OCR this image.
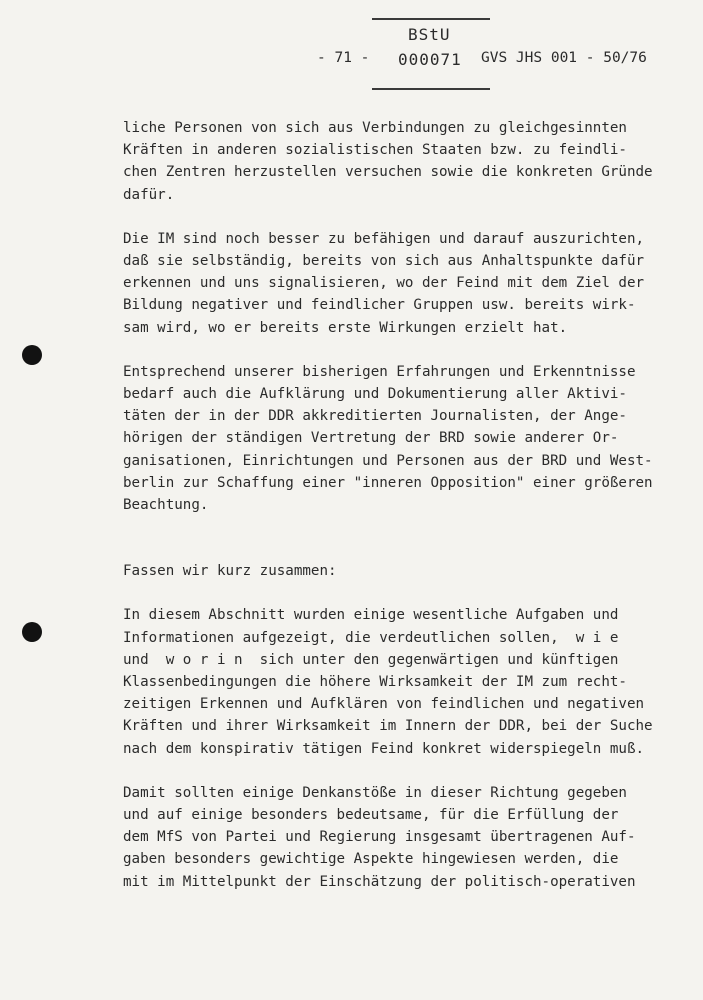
BStU
- 71 - 000071 GVS JHS 001 - 50/76
liche Personen von sich aus Verbindungen zu gleichgesinnten
Kräften in anderen sozialistischen Staaten bzw. zu feindli-
chen Zentren herzustellen versuchen sowie die konkreten Gründe
dafür.
Die IM sind noch besser zu befähigen und darauf auszurichten,
daß sie selbständig, bereits von sich aus Anhaltspunkte dafür
erkennen und uns signalisieren, wo der Feind mit dem Ziel der
Bildung negativer und feindlicher Gruppen usw. bereits wirk-
sam wird, wo er bereits erste Wirkungen erzielt hat.
Entsprechend unserer bisherigen Erfahrungen und Erkenntnisse
bedarf auch die Aufklärung und Dokumentierung aller Aktivi-
täten der in der DDR akkreditierten Journalisten, der Ange-
hörigen der ständigen Vertretung der BRD sowie anderer Or-
ganisationen, Einrichtungen und Personen aus der BRD und West-
berlin zur Schaffung einer "inneren Opposition" einer größeren
Beachtung.
Fassen wir kurz zusammen:
In diesem Abschnitt wurden einige wesentliche Aufgaben und
Informationen aufgezeigt, die verdeutlichen sollen,  w i e
und  w o r i n  sich unter den gegenwärtigen und künftigen
Klassenbedingungen die höhere Wirksamkeit der IM zum recht-
zeitigen Erkennen und Aufklären von feindlichen und negativen
Kräften und ihrer Wirksamkeit im Innern der DDR, bei der Suche
nach dem konspirativ tätigen Feind konkret widerspiegeln muß.
Damit sollten einige Denkanstöße in dieser Richtung gegeben
und auf einige besonders bedeutsame, für die Erfüllung der
dem MfS von Partei und Regierung insgesamt übertragenen Auf-
gaben besonders gewichtige Aspekte hingewiesen werden, die
mit im Mittelpunkt der Einschätzung der politisch-operativen
